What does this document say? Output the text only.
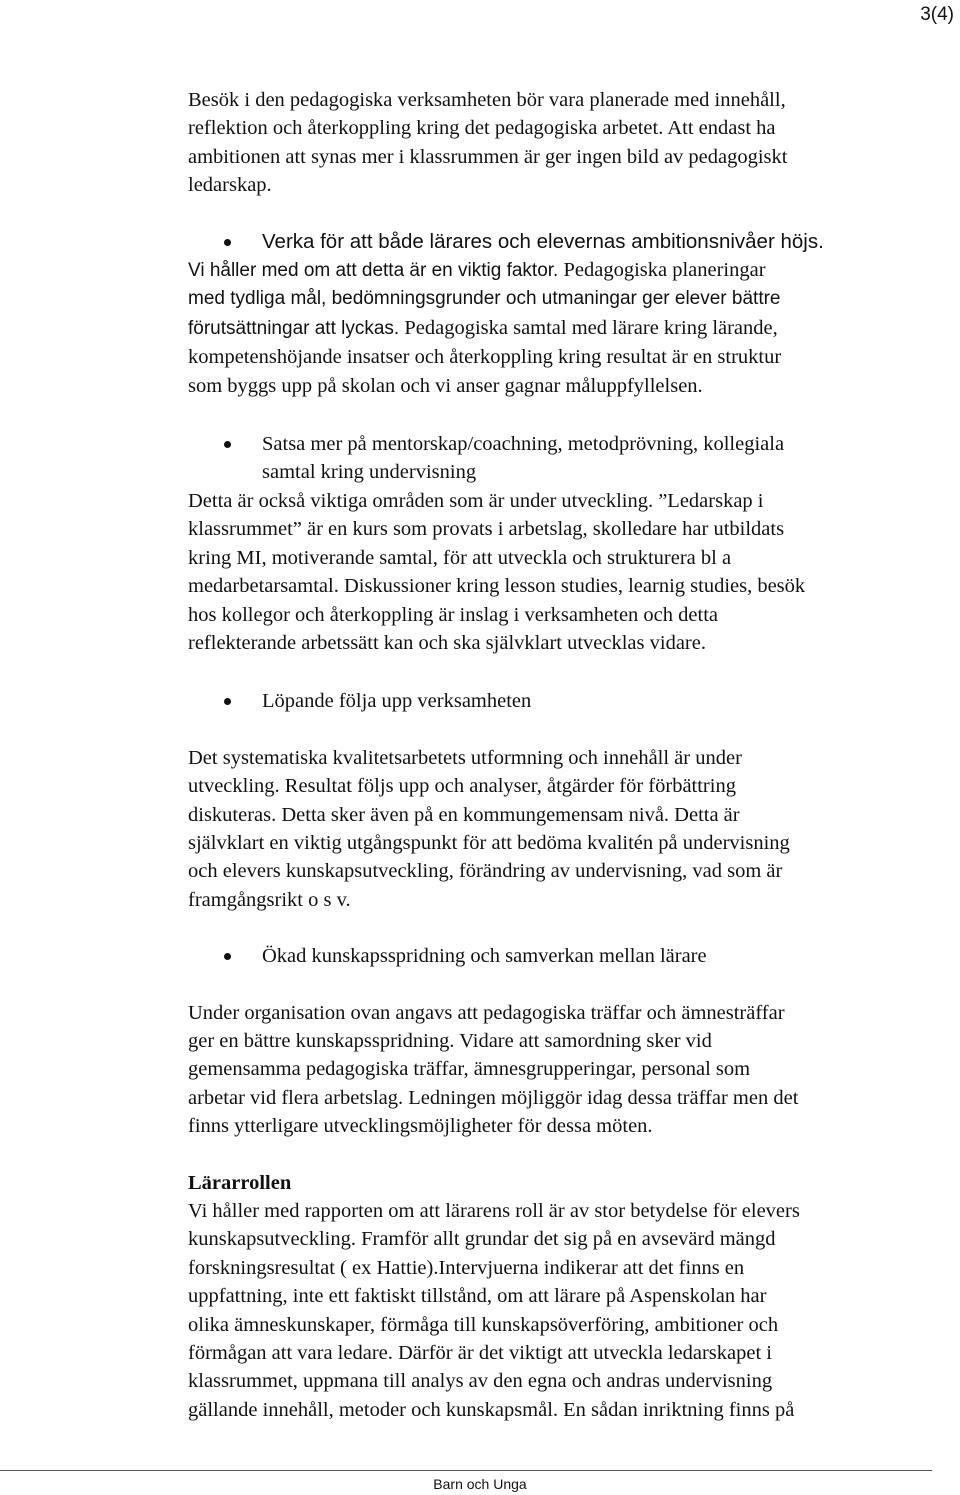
3(4)

Besök i den pedagogiska verksamheten bör vara planerade med innehåll,
reflektion och återkoppling kring det pedagogiska arbetet. Att endast ha
ambitionen att synas mer i klassrummen är ger ingen bild av pedagogiskt
ledarskap.

Verka för att både lärares och elevernas ambitionsnivåer höjs.

Vi håller med om att detta är en viktig faktor. Pedagogiska planeringar
med tydliga mål, bedömningsgrunder och utmaningar ger elever bättre
förutsättningar att lyckas. Pedagogiska samtal med lärare kring lärande,
kompetenshöjande insatser och återkoppling kring resultat är en struktur
som byggs upp på skolan och vi anser gagnar måluppfyllelsen.

Satsa mer på mentorskap/coachning, metodprövning, kollegiala
samtal kring undervisning

Detta är också viktiga områden som är under utveckling. ”Ledarskap i
klassrummet” är en kurs som provats i arbetslag, skolledare har utbildats
kring MI, motiverande samtal, för att utveckla och strukturera bl a
medarbetarsamtal. Diskussioner kring lesson studies, learnig studies, besök
hos kollegor och återkoppling är inslag i verksamheten och detta
reflekterande arbetssätt kan och ska självklart utvecklas vidare.

Löpande följa upp verksamheten

Det systematiska kvalitetsarbetets utformning och innehåll är under
utveckling. Resultat följs upp och analyser, åtgärder för förbättring
diskuteras. Detta sker även på en kommungemensam nivå. Detta är
självklart en viktig utgångspunkt för att bedöma kvalitén på undervisning
och elevers kunskapsutveckling, förändring av undervisning, vad som är
framgångsrikt o s v.

Ökad kunskapsspridning och samverkan mellan lärare

Under organisation ovan angavs att pedagogiska träffar och ämnesträffar
ger en bättre kunskapsspridning. Vidare att samordning sker vid
gemensamma pedagogiska träffar, ämnesgrupperingar, personal som
arbetar vid flera arbetslag. Ledningen möjliggör idag dessa träffar men det
finns ytterligare utvecklingsmöjligheter för dessa möten.

Lärarrollen

Vi håller med rapporten om att lärarens roll är av stor betydelse för elevers
kunskapsutveckling. Framför allt grundar det sig på en avsevärd mängd
forskningsresultat ( ex Hattie).Intervjuerna indikerar att det finns en
uppfattning, inte ett faktiskt tillstånd, om att lärare på Aspenskolan har
olika ämneskunskaper, förmåga till kunskapsöverföring, ambitioner och
förmågan att vara ledare. Därför är det viktigt att utveckla ledarskapet i
klassrummet, uppmana till analys av den egna och andras undervisning
gällande innehåll, metoder och kunskapsmål. En sådan inriktning finns på

Barn och Unga
